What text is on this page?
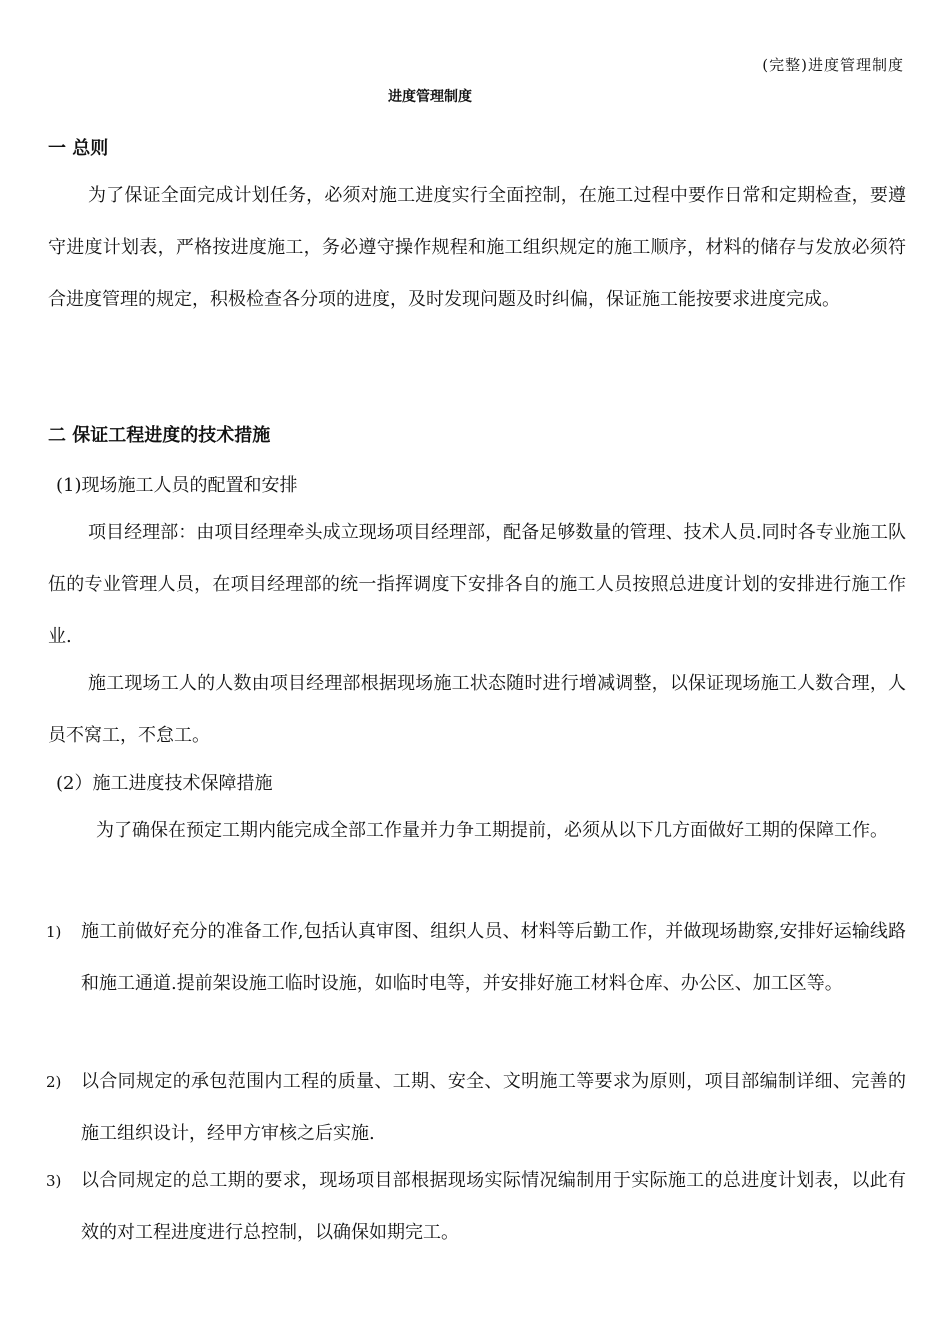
(完整)进度管理制度
进度管理制度
一 总则

为了保证全面完成计划任务，必须对施工进度实行全面控制，在施工过程中要作日常和定期检查，要遵守进度计划表，严格按进度施工，务必遵守操作规程和施工组织规定的施工顺序，材料的储存与发放必须符合进度管理的规定，积极检查各分项的进度，及时发现问题及时纠偏，保证施工能按要求进度完成。

二 保证工程进度的技术措施
(1)现场施工人员的配置和安排

项目经理部：由项目经理牵头成立现场项目经理部，配备足够数量的管理、技术人员.同时各专业施工队伍的专业管理人员，在项目经理部的统一指挥调度下安排各自的施工人员按照总进度计划的安排进行施工作业.

施工现场工人的人数由项目经理部根据现场施工状态随时进行增减调整，以保证现场施工人数合理，人员不窝工，不怠工。

(2）施工进度技术保障措施

为了确保在预定工期内能完成全部工作量并力争工期提前，必须从以下几方面做好工期的保障工作。

1) 施工前做好充分的准备工作,包括认真审图、组织人员、材料等后勤工作，并做现场勘察,安排好运输线路和施工通道.提前架设施工临时设施，如临时电等，并安排好施工材料仓库、办公区、加工区等。
2) 以合同规定的承包范围内工程的质量、工期、安全、文明施工等要求为原则，项目部编制详细、完善的施工组织设计，经甲方审核之后实施.
3) 以合同规定的总工期的要求，现场项目部根据现场实际情况编制用于实际施工的总进度计划表，以此有效的对工程进度进行总控制，以确保如期完工。
